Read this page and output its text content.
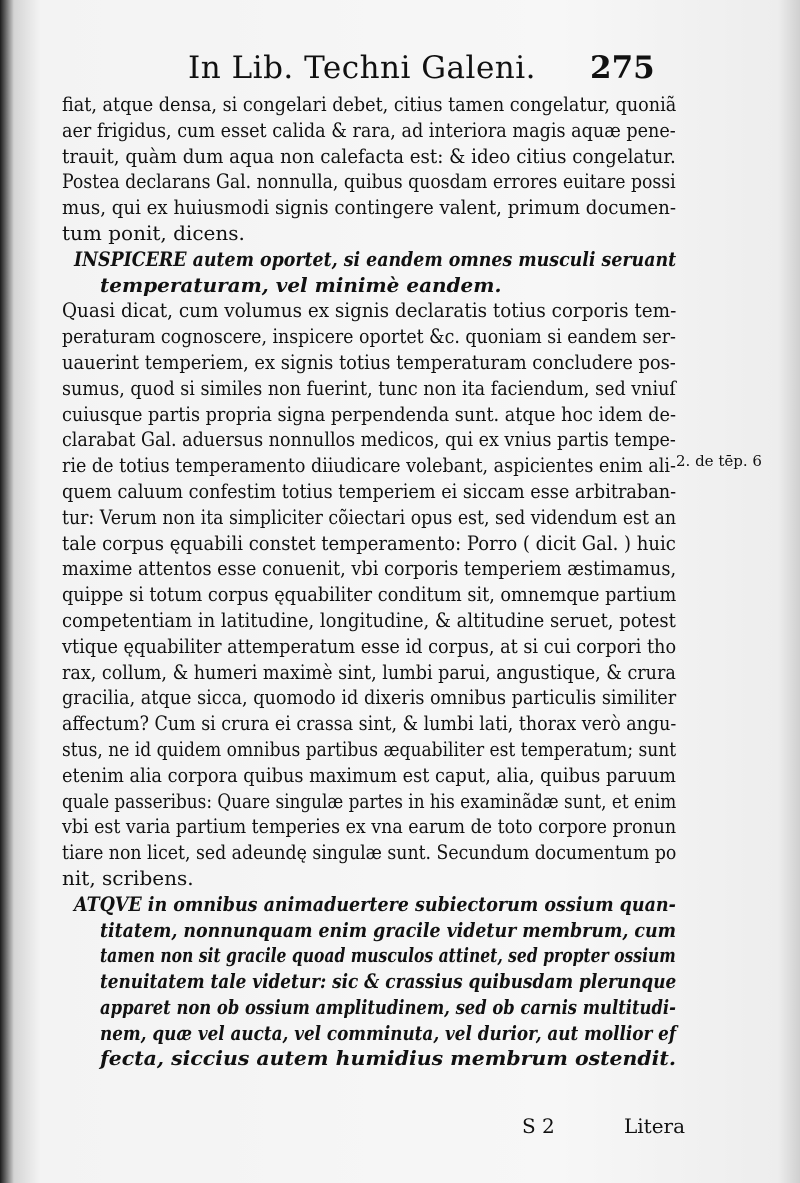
In Lib. Techni Galeni. 275
fiat, atque densa, si congelari debet, citius tamen congelatur, quoniã
aer frigidus, cum esset calida & rara, ad interiora magis aquæ pene-
trauit, quàm dum aqua non calefacta est: & ideo citius congelatur.
Postea declarans Gal. nonnulla, quibus quosdam errores euitare possi
mus, qui ex huiusmodi signis contingere valent, primum documen-
tum ponit, dicens.
INSPICERE autem oportet, si eandem omnes musculi seruant
temperaturam, vel minimè eandem.
Quasi dicat, cum volumus ex signis declaratis totius corporis tem-
peraturam cognoscere, inspicere oportet &c. quoniam si eandem ser-
uauerint temperiem, ex signis totius temperaturam concludere pos-
sumus, quod si similes non fuerint, tunc non ita faciendum, sed vniuſ
cuiusque partis propria signa perpendenda sunt. atque hoc idem de-
clarabat Gal. aduersus nonnullos medicos, qui ex vnius partis tempe-
rie de totius temperamento diiudicare volebant, aspicientes enim ali-
quem caluum confestim totius temperiem ei siccam esse arbitraban-
tur: Verum non ita simpliciter cõiectari opus est, sed videndum est an
tale corpus ęquabili constet temperamento: Porro ( dicit Gal. ) huic
maxime attentos esse conuenit, vbi corporis temperiem æstimamus,
quippe si totum corpus ęquabiliter conditum sit, omnemque partium
competentiam in latitudine, longitudine, & altitudine seruet, potest
vtique ęquabiliter attemperatum esse id corpus, at si cui corpori tho
rax, collum, & humeri maximè sint, lumbi parui, angustique, & crura
gracilia, atque sicca, quomodo id dixeris omnibus particulis similiter
affectum? Cum si crura ei crassa sint, & lumbi lati, thorax verò angu-
stus, ne id quidem omnibus partibus æquabiliter est temperatum; sunt
etenim alia corpora quibus maximum est caput, alia, quibus paruum
quale passeribus: Quare singulæ partes in his examinãdæ sunt, et enim
vbi est varia partium temperies ex vna earum de toto corpore pronun
tiare non licet, sed adeundę singulæ sunt. Secundum documentum po
nit, scribens.
ATQVE in omnibus animaduertere subiectorum ossium quan-
titatem, nonnunquam enim gracile videtur membrum, cum
tamen non sit gracile quoad musculos attinet, sed propter ossium
tenuitatem tale videtur: sic & crassius quibusdam plerunque
apparet non ob ossium amplitudinem, sed ob carnis multitudi-
nem, quæ vel aucta, vel comminuta, vel durior, aut mollior ef
fecta, siccius autem humidius membrum ostendit.
2. de tēp. 6
S 2	Litera
